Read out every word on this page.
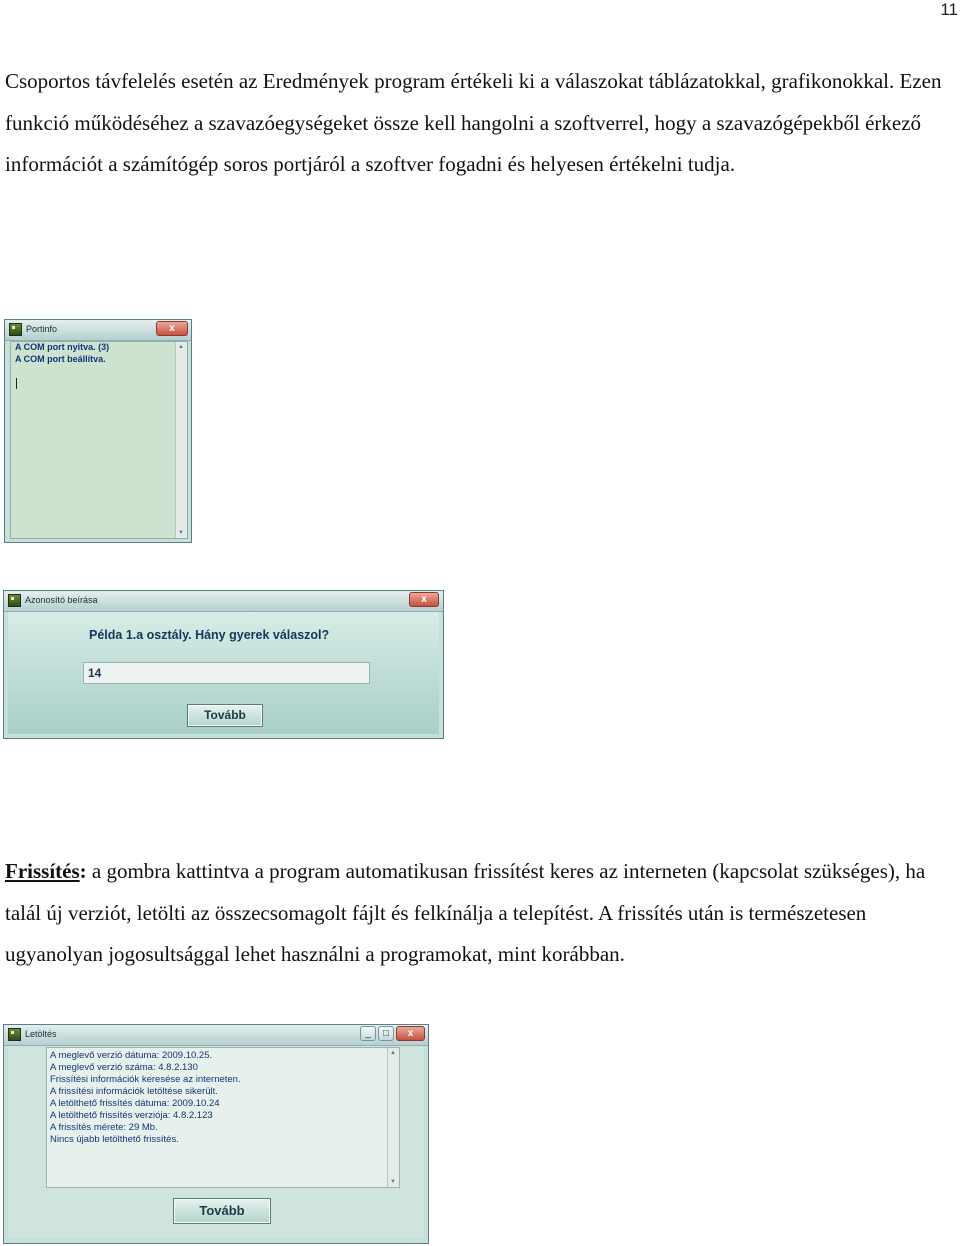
11

Csoportos távfelelés esetén az Eredmények program értékeli ki a válaszokat táblázatokkal, grafikonokkal. Ezen funkció működéséhez a szavazóegységeket össze kell hangolni a szoftverrel, hogy a szavazógépekből érkező információt a számítógép soros portjáról a szoftver fogadni és helyesen értékelni tudja.

Portinfo	x
A COM port nyitva. (3)
A COM port beállítva.
▲
▼
Azonosító beírása	x
Példa 1.a osztály. Hány gyerek válaszol?
14
Tovább

Frissítés: a gombra kattintva a program automatikusan frissítést keres az interneten (kapcsolat szükséges), ha talál új verziót, letölti az összecsomagolt fájlt és felkínálja a telepítést. A frissítés után is természetesen ugyanolyan jogosultsággal lehet használni a programokat, mint korábban.

Letöltés	_	□	x
A meglevő verzió dátuma: 2009.10.25.
A meglevő verzió száma: 4.8.2.130
Frissítési információk keresése az interneten.
A frissítési információk letöltése sikerült.
A letölthető frissítés dátuma: 2009.10.24
A letölthető frissítés verziója: 4.8.2.123
A frissítés mérete: 29 Mb.
Nincs újabb letölthető frissítés.
▲
▼
Tovább
